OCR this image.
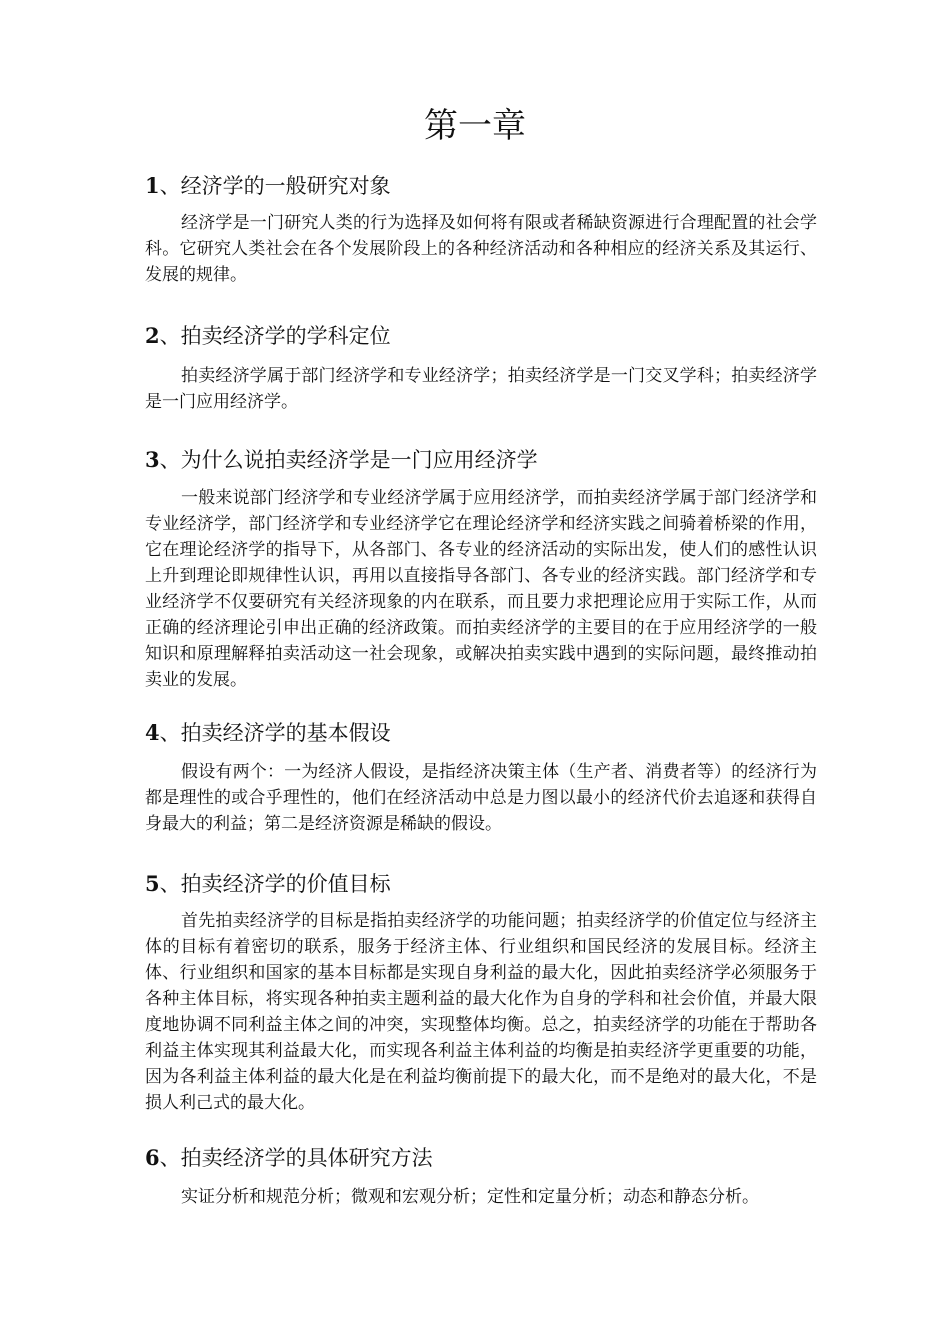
第一章
1、经济学的一般研究对象

经济学是一门研究人类的行为选择及如何将有限或者稀缺资源进行合理配置的社会学科。它研究人类社会在各个发展阶段上的各种经济活动和各种相应的经济关系及其运行、发展的规律。

2、拍卖经济学的学科定位

拍卖经济学属于部门经济学和专业经济学；拍卖经济学是一门交叉学科；拍卖经济学是一门应用经济学。

3、为什么说拍卖经济学是一门应用经济学

一般来说部门经济学和专业经济学属于应用经济学，而拍卖经济学属于部门经济学和专业经济学，部门经济学和专业经济学它在理论经济学和经济实践之间骑着桥梁的作用，它在理论经济学的指导下，从各部门、各专业的经济活动的实际出发，使人们的感性认识上升到理论即规律性认识，再用以直接指导各部门、各专业的经济实践。部门经济学和专业经济学不仅要研究有关经济现象的内在联系，而且要力求把理论应用于实际工作，从而正确的经济理论引申出正确的经济政策。而拍卖经济学的主要目的在于应用经济学的一般知识和原理解释拍卖活动这一社会现象，或解决拍卖实践中遇到的实际问题，最终推动拍卖业的发展。

4、拍卖经济学的基本假设

假设有两个：一为经济人假设，是指经济决策主体（生产者、消费者等）的经济行为都是理性的或合乎理性的，他们在经济活动中总是力图以最小的经济代价去追逐和获得自身最大的利益；第二是经济资源是稀缺的假设。

5、拍卖经济学的价值目标

首先拍卖经济学的目标是指拍卖经济学的功能问题；拍卖经济学的价值定位与经济主体的目标有着密切的联系，服务于经济主体、行业组织和国民经济的发展目标。经济主体、行业组织和国家的基本目标都是实现自身利益的最大化，因此拍卖经济学必须服务于各种主体目标，将实现各种拍卖主题利益的最大化作为自身的学科和社会价值，并最大限度地协调不同利益主体之间的冲突，实现整体均衡。总之，拍卖经济学的功能在于帮助各利益主体实现其利益最大化，而实现各利益主体利益的均衡是拍卖经济学更重要的功能，因为各利益主体利益的最大化是在利益均衡前提下的最大化，而不是绝对的最大化，不是损人利己式的最大化。

6、拍卖经济学的具体研究方法

实证分析和规范分析；微观和宏观分析；定性和定量分析；动态和静态分析。
